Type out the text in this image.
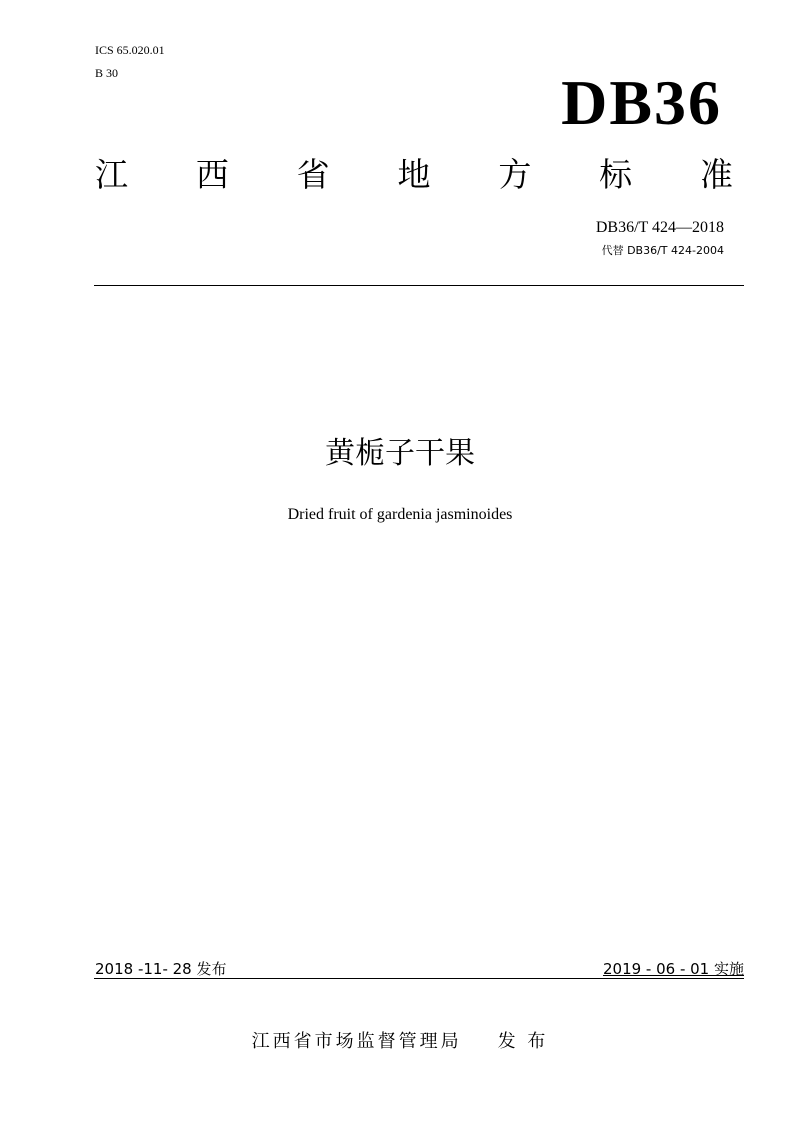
ICS 65.020.01
B 30	DB36
江 西 省 地 方 标 准
DB36/T 424—2018
代替 DB36/T 424-2004
黄栀子干果
Dried fruit of gardenia jasminoides
2018 -11- 28 发布	2019 - 06 - 01 实施
江西省市场监督管理局 发 布
